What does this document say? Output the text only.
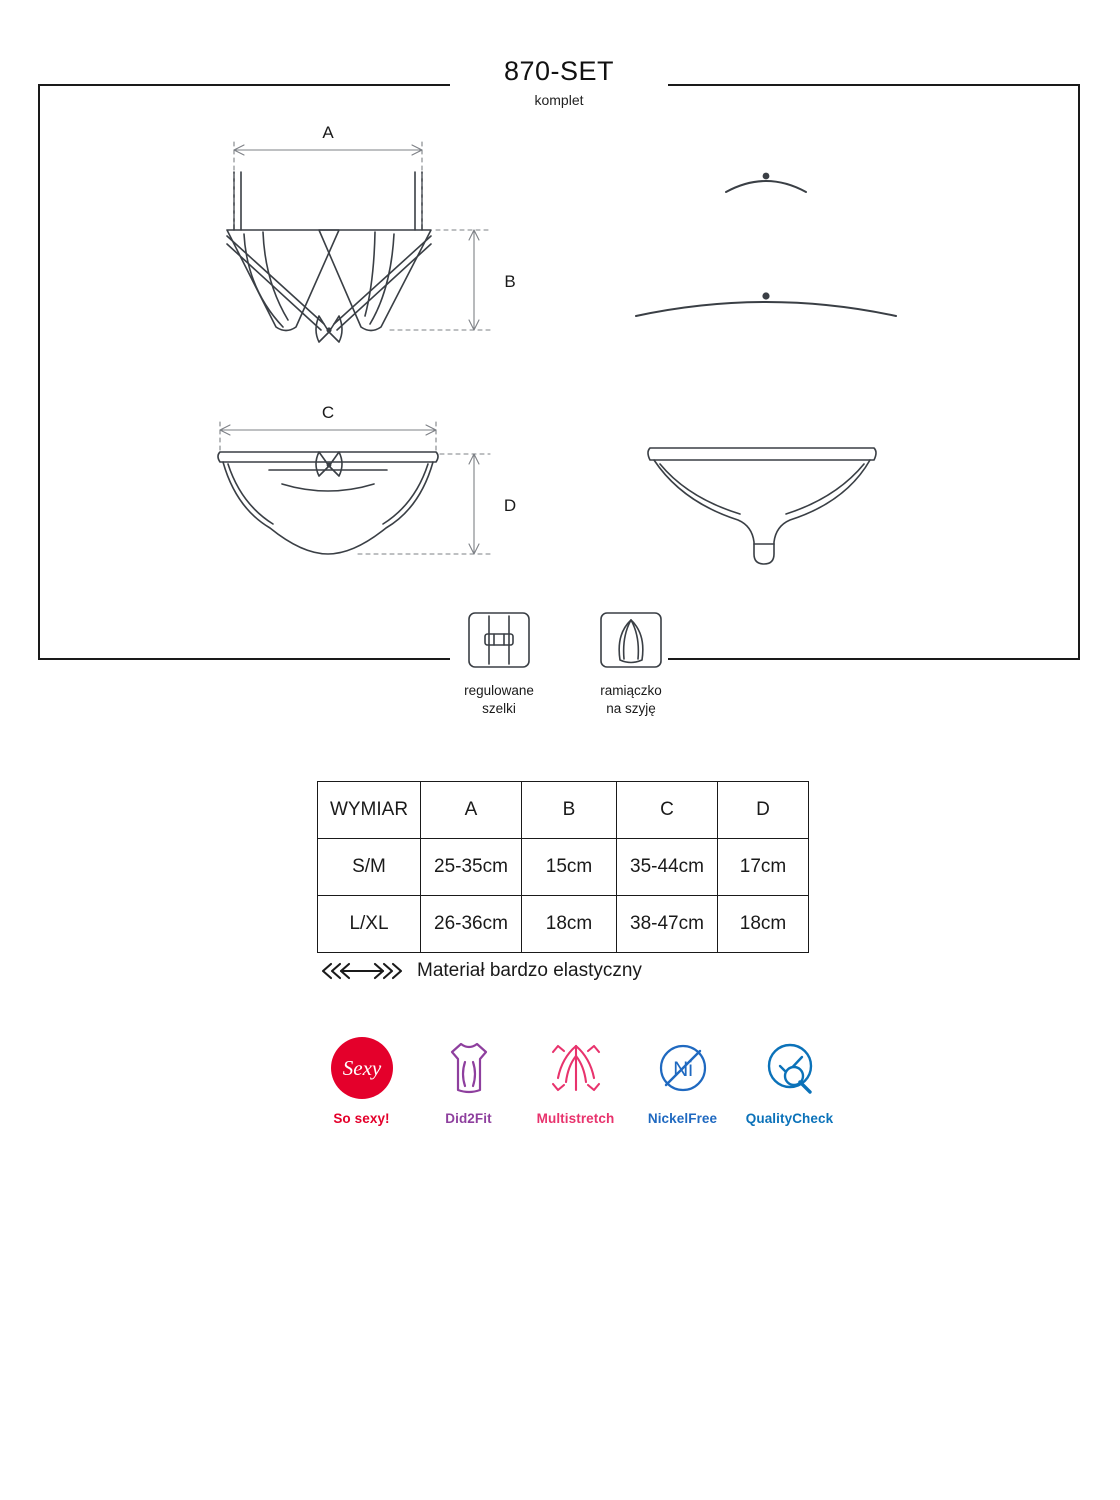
870-SET
komplet
A
B
C
D
regulowane
szelki
ramiączko
na szyję
WYMIAR	A	B	C	D
S/M	25-35cm	15cm	35-44cm	17cm
L/XL	26-36cm	18cm	38-47cm	18cm
Materiał bardzo elastyczny
Sexy
So sexy!	Did2Fit	Multistretch
Ni
NickelFree	QualityCheck
